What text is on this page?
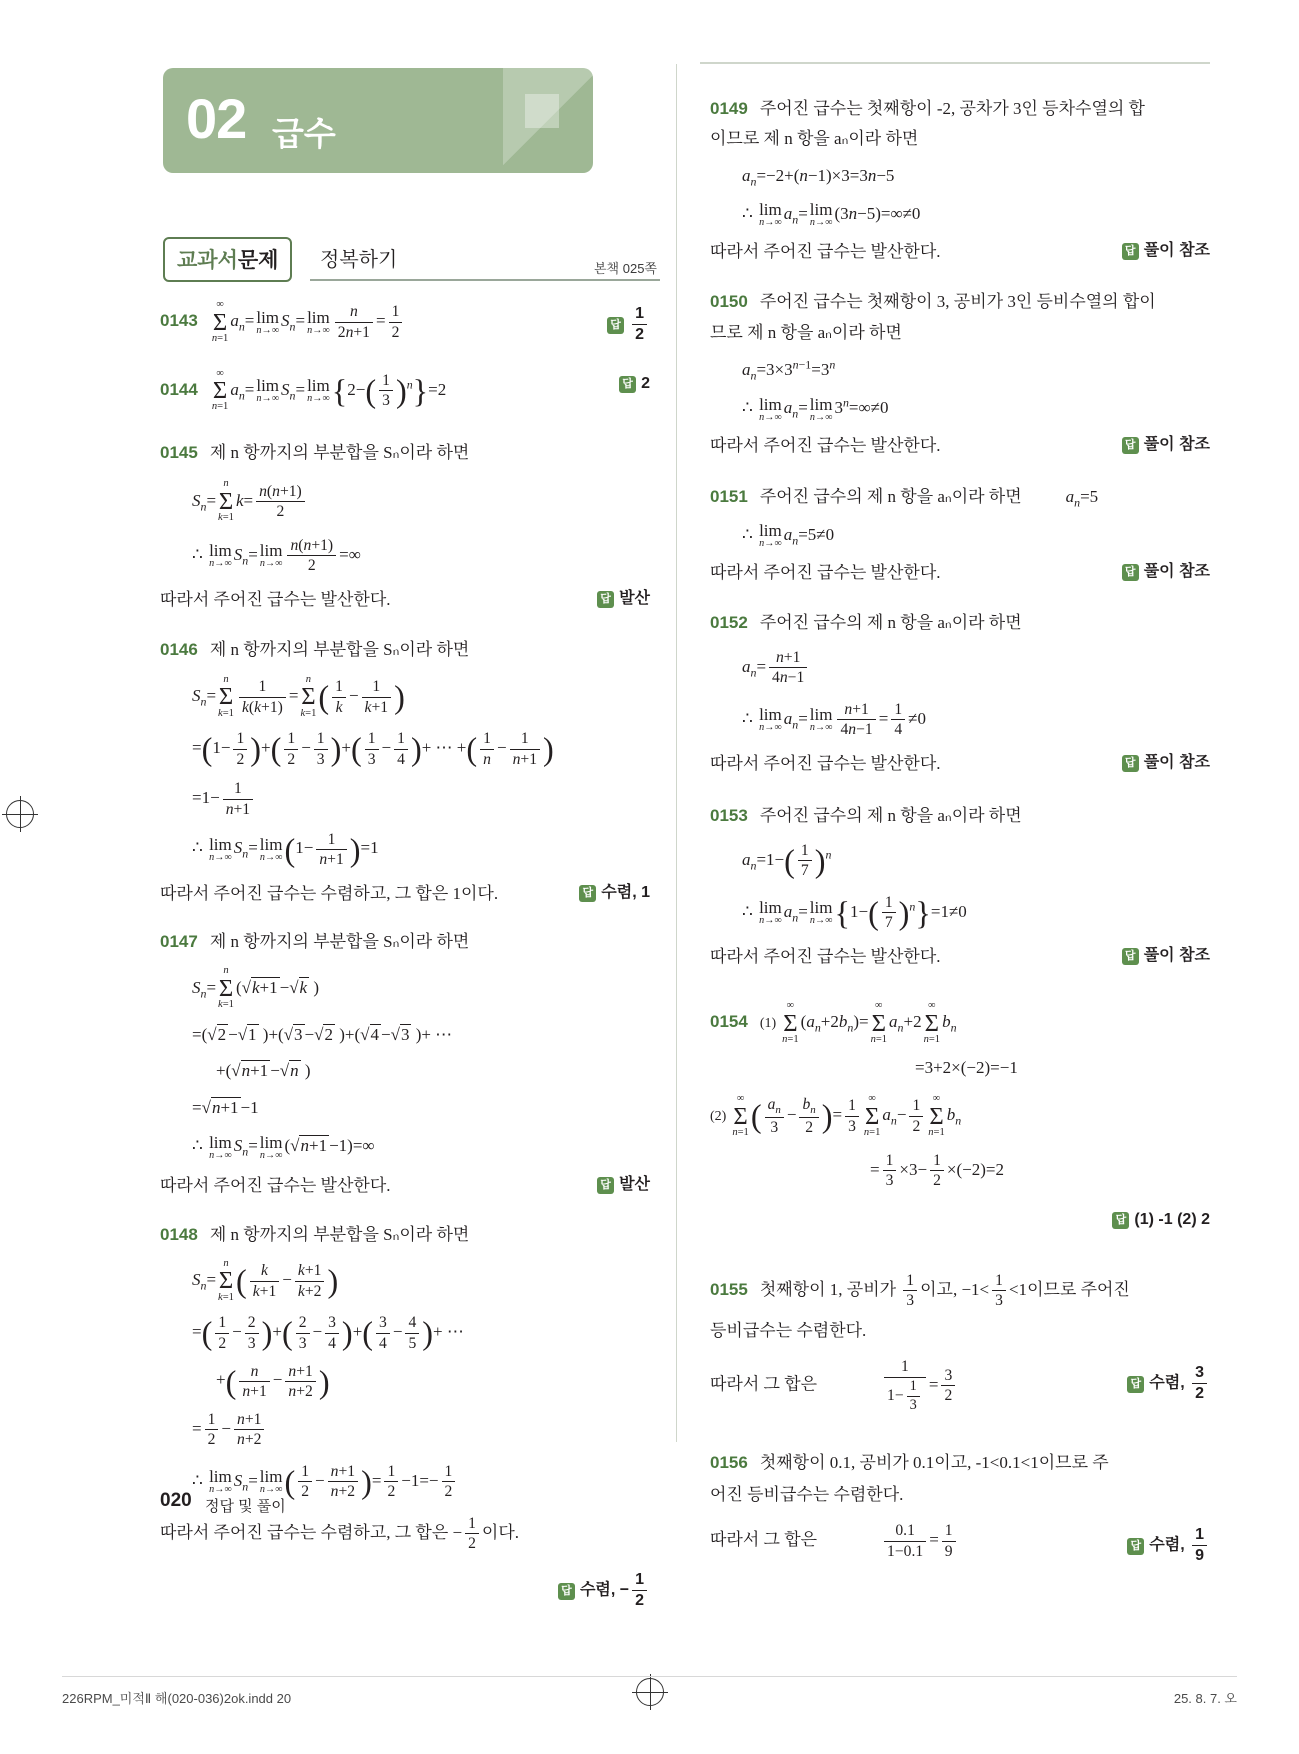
02 급수
교과서문제	정복하기	본책 025쪽
0143
∞
Σ
n=1
$a_n= \lim$
n→∞ $S_n= \lim$
$n\to\infty \frac{n}{2n+1} = \frac{1}{2}$	답 $\frac{1}{2}$
0144
∞
Σ
n=1
$a_n= \lim$
n→∞ $S_n= \lim$
n→∞ $\{2-( \frac{1}{3} )^n\}=2$	답 2
0145 제 n 항까지의 부분합을 Sₙ이라 하면
$S_n=$
n
Σ
k=1
$k= \frac{n(n+1)}{2}$
∴ lim
n→∞ $S_n= \lim$
$n\to\infty \frac{n(n+1)}{2}$ =∞
따라서 주어진 급수는 발산한다.	답 발산
0146 제 n 항까지의 부분합을 Sₙ이라 하면
$S_n=$
n
Σ
$k=1 \frac{1}{k(k+1)}$ =
n
Σ
k=1 ( $\frac{1}{k} - \frac{1}{k+1}$ )
$=(1- \frac{1}{2}$ )+( $\frac{1}{2} - \frac{1}{3}$ )+( $\frac{1}{3} - \frac{1}{4}$ )+ ⋯ +( $\frac{1}{n} - \frac{1}{n+1}$ )
$=1- \frac{1}{n+1}$
∴ lim
n→∞ $S_n= \lim$
n→∞ $(1- \frac{1}{n+1} )=1$
따라서 주어진 급수는 수렴하고, 그 합은 1이다.	답 수렴, 1
0147 제 n 항까지의 부분합을 Sₙ이라 하면
$S_n=$
n
Σ
k=1
(√k+1 −√k )
=(√2 −√1 )+(√3 −√2 )+(√4 −√3 )+ ⋯
+(√n+1 −√n )
=√n+1 −1
∴ lim
n→∞ $S_n= \lim$
n→∞ (√n+1 −1)=∞
따라서 주어진 급수는 발산한다.	답 발산
0148 제 n 항까지의 부분합을 Sₙ이라 하면
$S_n=$
n
Σ
k=1 ( $\frac{k}{k+1} - \frac{k+1}{k+2}$ )
=( $\frac{1}{2} - \frac{2}{3}$ )+( $\frac{2}{3} - \frac{3}{4}$ )+( $\frac{3}{4} - \frac{4}{5}$ )+ ⋯
+( $\frac{n}{n+1} - \frac{n+1}{n+2}$ )
= $\frac{1}{2} - \frac{n+1}{n+2}$
∴ lim
n→∞ $S_n= \lim$
n→∞ ( $\frac{1}{2} - \frac{n+1}{n+2}$ )= $\frac{1}{2} -1=- \frac{1}{2}$
따라서 주어진 급수는 수렴하고, 그 합은 − $\frac{1}{2}$ 이다.
답 수렴, − $\frac{1}{2}$
0149 주어진 급수는 첫째항이 -2, 공차가 3인 등차수열의 합
이므로 제 n 항을 aₙ이라 하면
$a_n=-2+(n-1)\times 3=3n-5$
∴ lim
n→∞ $a_n= \lim$
n→∞ (3n−5)=∞≠0
따라서 주어진 급수는 발산한다.	답 풀이 참조
0150 주어진 급수는 첫째항이 3, 공비가 3인 등비수열의 합이
므로 제 n 항을 aₙ이라 하면
$a_n=3\times 3^{n-1}=3^n$
∴ lim
n→∞ $a_n= \lim$
n→∞ $3^n=\infty\ne 0$
따라서 주어진 급수는 발산한다.	답 풀이 참조
0151 주어진 급수의 제 n 항을 aₙ이라 하면	$a_n=5$
∴ lim
n→∞ $a_n=5\ne 0$
따라서 주어진 급수는 발산한다.	답 풀이 참조
0152 주어진 급수의 제 n 항을 aₙ이라 하면
$a_n= \frac{n+1}{4n-1}$
∴ lim
n→∞ $a_n= \lim$
$n\to\infty \frac{n+1}{4n-1} = \frac{1}{4} \ne 0$
따라서 주어진 급수는 발산한다.	답 풀이 참조
0153 주어진 급수의 제 n 항을 aₙ이라 하면
$a_n=1-( \frac{1}{7} )^n$
∴ lim
n→∞ $a_n= \lim$
n→∞ $\{1-( \frac{1}{7} )^n\}=1\ne 0$
따라서 주어진 급수는 발산한다.	답 풀이 참조
0154 (1)
∞
Σ
n=1
$(a_n+2b_n)=$
∞
Σ
n=1
$a_n+2$
∞
Σ
n=1
$b_n$
=3+2×(−2)=−1
(2)
∞
Σ
n=1 ( $\frac{a_n}{3} - \frac{b_n}{2}$ )= $\frac{1}{3}$ ∞
Σ
n=1
$a_n- \frac{1}{2}$ ∞
Σ
n=1
$b_n$
= $\frac{1}{3} \times 3- \frac{1}{2} \times(-2)=2$
답 (1) -1 (2) 2
0155 첫째항이 1, 공비가 $\frac{1}{3}$ 이고, $-1< \frac{1}{3} <1$이므로 주어진
등비급수는 수렴한다.
따라서 그 합은	$\frac{1}{1- \frac{1}{3}} = \frac{3}{2}$	답 수렴, $\frac{3}{2}$
0156 첫째항이 0.1, 공비가 0.1이고, -1<0.1<1이므로 주
어진 등비급수는 수렴한다.
따라서 그 합은	$\frac{0.1}{1-0.1} = \frac{1}{9}$	답 수렴, $\frac{1}{9}$
020 정답 및 풀이
226RPM_미적Ⅱ 해(020-036)2ok.indd 20	25. 8. 7. 오
